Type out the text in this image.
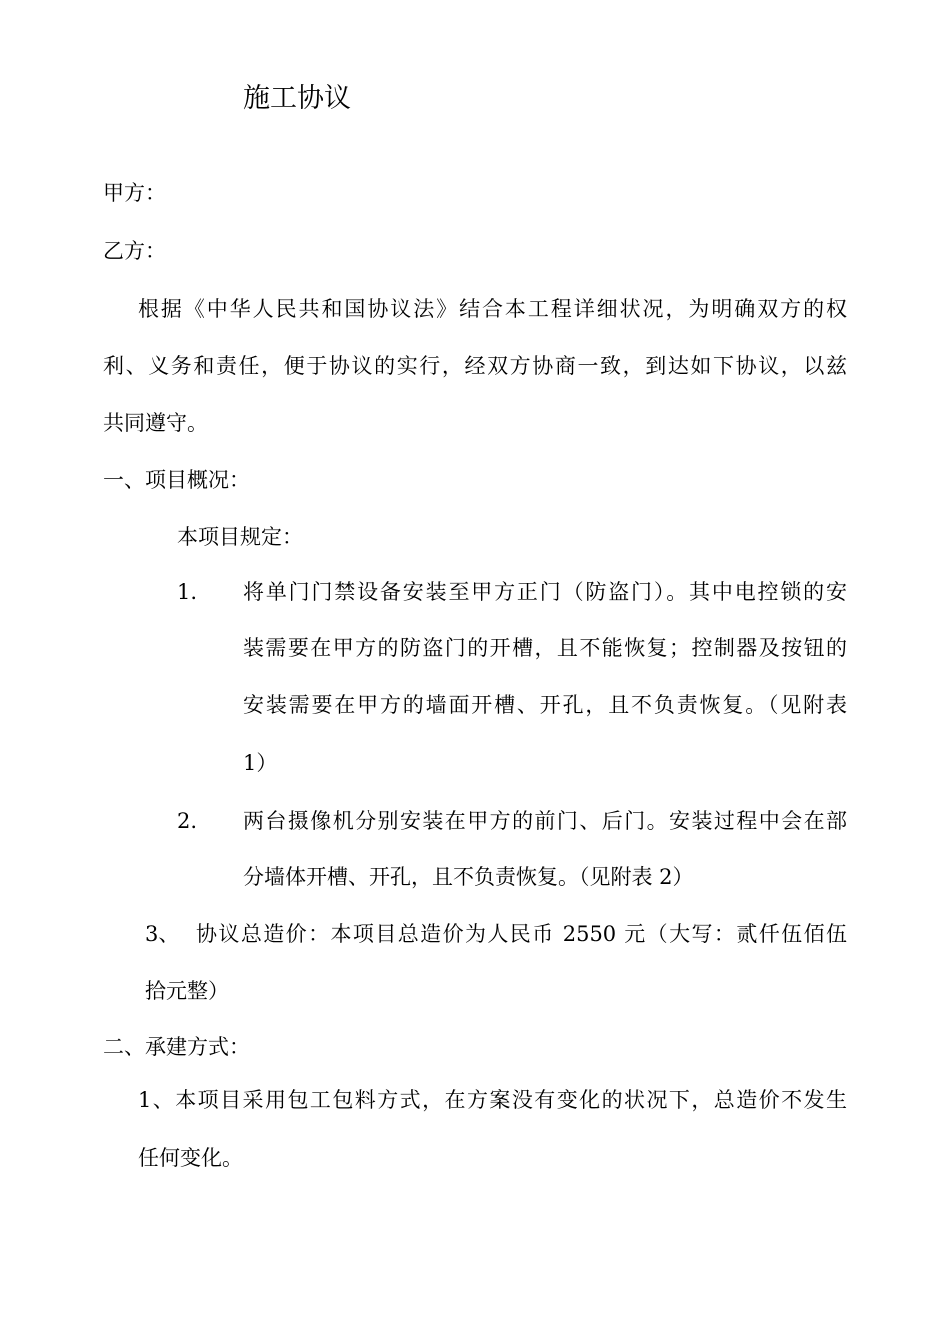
施工协议
甲方：
乙方：
根据《中华人民共和国协议法》结合本工程详细状况，为明确双方的权
利、义务和责任，便于协议的实行，经双方协商一致，到达如下协议，以兹
共同遵守。
一、项目概况：
本项目规定：
1. 将单门门禁设备安装至甲方正门（防盗门）。其中电控锁的安
装需要在甲方的防盗门的开槽，且不能恢复；控制器及按钮的
安装需要在甲方的墙面开槽、开孔，且不负责恢复。（见附表
1）
2. 两台摄像机分别安装在甲方的前门、后门。安装过程中会在部
分墙体开槽、开孔，且不负责恢复。（见附表 2）
3、 协议总造价：本项目总造价为人民币 2550 元（大写：贰仟伍佰伍
拾元整）
二、承建方式：
1、本项目采用包工包料方式，在方案没有变化的状况下，总造价不发生
任何变化。
